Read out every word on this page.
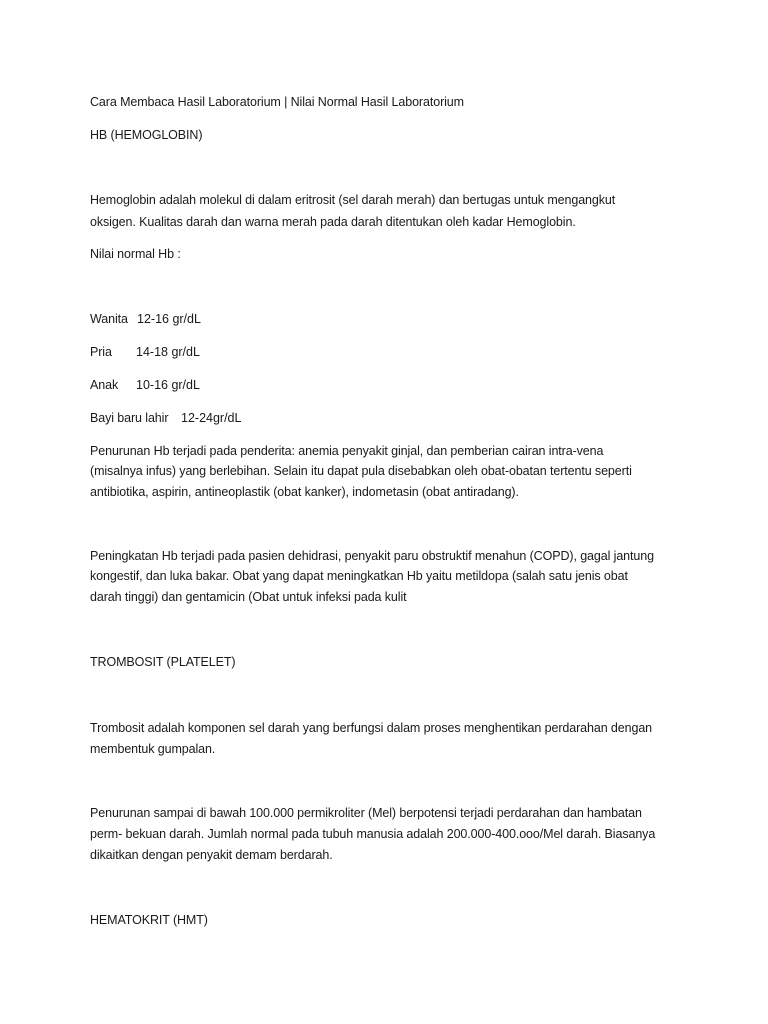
Cara Membaca Hasil Laboratorium | Nilai Normal Hasil Laboratorium

HB (HEMOGLOBIN)

Hemoglobin adalah molekul di dalam eritrosit (sel darah merah) dan bertugas untuk mengangkut

oksigen. Kualitas darah dan warna merah pada darah ditentukan oleh kadar Hemoglobin.

Nilai normal Hb :

Wanita 12-16 gr/dL

Pria 14-18 gr/dL

Anak 10-16 gr/dL

Bayi baru lahir 12-24gr/dL

Penurunan Hb terjadi pada penderita: anemia penyakit ginjal, dan pemberian cairan intra-vena

(misalnya infus) yang berlebihan. Selain itu dapat pula disebabkan oleh obat-obatan tertentu seperti

antibiotika, aspirin, antineoplastik (obat kanker), indometasin (obat antiradang).

Peningkatan Hb terjadi pada pasien dehidrasi, penyakit paru obstruktif menahun (COPD), gagal jantung

kongestif, dan luka bakar. Obat yang dapat meningkatkan Hb yaitu metildopa (salah satu jenis obat

darah tinggi) dan gentamicin (Obat untuk infeksi pada kulit

TROMBOSIT (PLATELET)

Trombosit adalah komponen sel darah yang berfungsi dalam proses menghentikan perdarahan dengan

membentuk gumpalan.

Penurunan sampai di bawah 100.000 permikroliter (Mel) berpotensi terjadi perdarahan dan hambatan

perm- bekuan darah. Jumlah normal pada tubuh manusia adalah 200.000-400.ooo/Mel darah. Biasanya

dikaitkan dengan penyakit demam berdarah.

HEMATOKRIT (HMT)
